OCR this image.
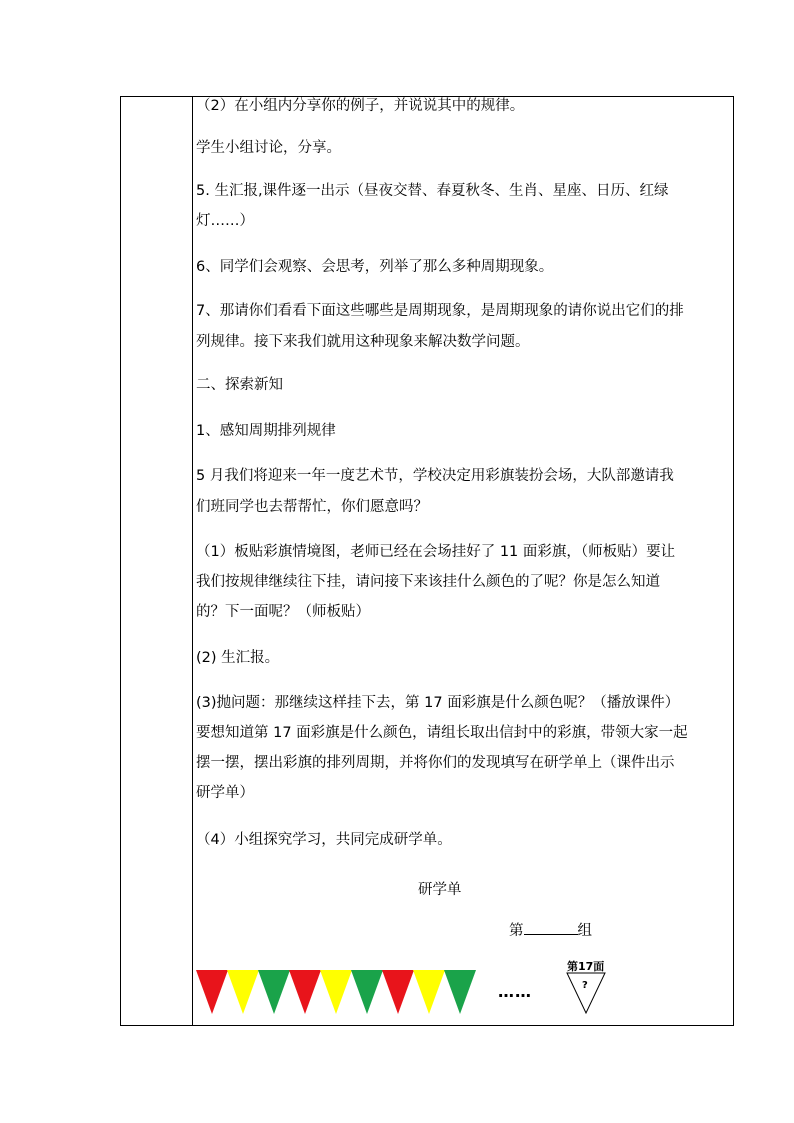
（2）在小组内分享你的例子，并说说其中的规律。
学生小组讨论，分享。
5. 生汇报,课件逐一出示（昼夜交替、春夏秋冬、生肖、星座、日历、红绿
灯……）
6、同学们会观察、会思考，列举了那么多种周期现象。
7、那请你们看看下面这些哪些是周期现象，是周期现象的请你说出它们的排
列规律。接下来我们就用这种现象来解决数学问题。
二、探索新知
1、感知周期排列规律
5 月我们将迎来一年一度艺术节，学校决定用彩旗装扮会场，大队部邀请我
们班同学也去帮帮忙，你们愿意吗？
（1）板贴彩旗情境图，老师已经在会场挂好了 11 面彩旗，（师板贴）要让
我们按规律继续往下挂，请问接下来该挂什么颜色的了呢？你是怎么知道
的？下一面呢？（师板贴）
(2) 生汇报。
(3)抛问题：那继续这样挂下去，第 17 面彩旗是什么颜色呢？（播放课件）
要想知道第 17 面彩旗是什么颜色，请组长取出信封中的彩旗，带领大家一起
摆一摆，摆出彩旗的排列周期，并将你们的发现填写在研学单上（课件出示
研学单）
（4）小组探究学习，共同完成研学单。
研学单
第	组
……
第17面
?
